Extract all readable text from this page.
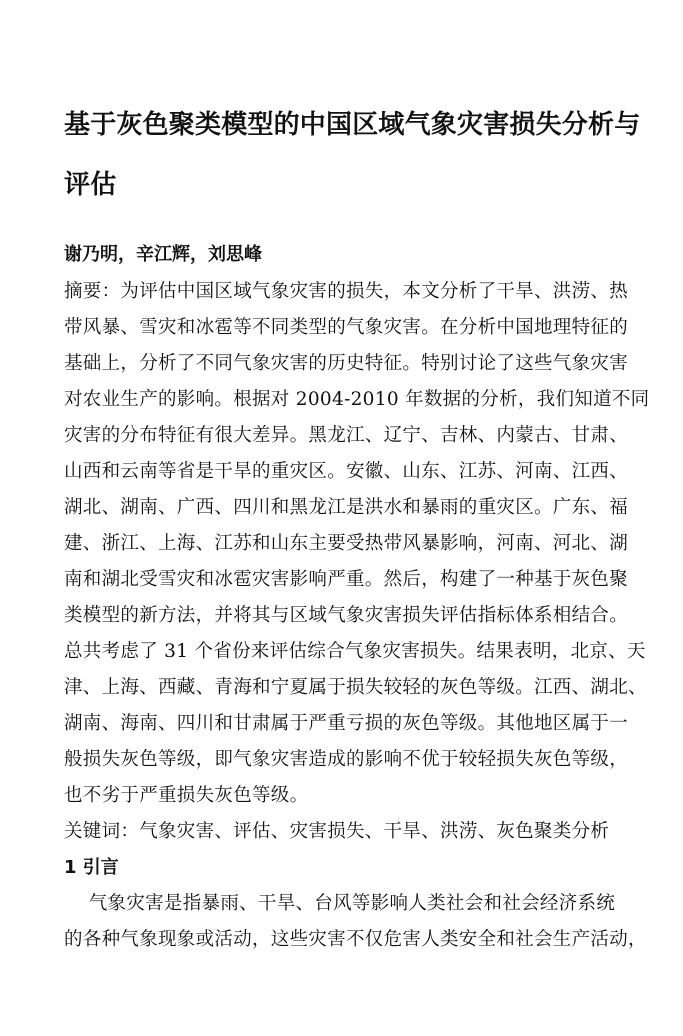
基于灰色聚类模型的中国区域气象灾害损失分析与
评估
谢乃明，辛江辉，刘思峰
摘要：为评估中国区域气象灾害的损失，本文分析了干旱、洪涝、热
带风暴、雪灾和冰雹等不同类型的气象灾害。在分析中国地理特征的
基础上，分析了不同气象灾害的历史特征。特别讨论了这些气象灾害
对农业生产的影响。根据对 2004-2010 年数据的分析，我们知道不同
灾害的分布特征有很大差异。黑龙江、辽宁、吉林、内蒙古、甘肃、
山西和云南等省是干旱的重灾区。安徽、山东、江苏、河南、江西、
湖北、湖南、广西、四川和黑龙江是洪水和暴雨的重灾区。广东、福
建、浙江、上海、江苏和山东主要受热带风暴影响，河南、河北、湖
南和湖北受雪灾和冰雹灾害影响严重。然后，构建了一种基于灰色聚
类模型的新方法，并将其与区域气象灾害损失评估指标体系相结合。
总共考虑了 31 个省份来评估综合气象灾害损失。结果表明，北京、天
津、上海、西藏、青海和宁夏属于损失较轻的灰色等级。江西、湖北、
湖南、海南、四川和甘肃属于严重亏损的灰色等级。其他地区属于一
般损失灰色等级，即气象灾害造成的影响不优于较轻损失灰色等级，
也不劣于严重损失灰色等级。
关键词：气象灾害、评估、灾害损失、干旱、洪涝、灰色聚类分析
1 引言
气象灾害是指暴雨、干旱、台风等影响人类社会和社会经济系统
的各种气象现象或活动，这些灾害不仅危害人类安全和社会生产活动，
